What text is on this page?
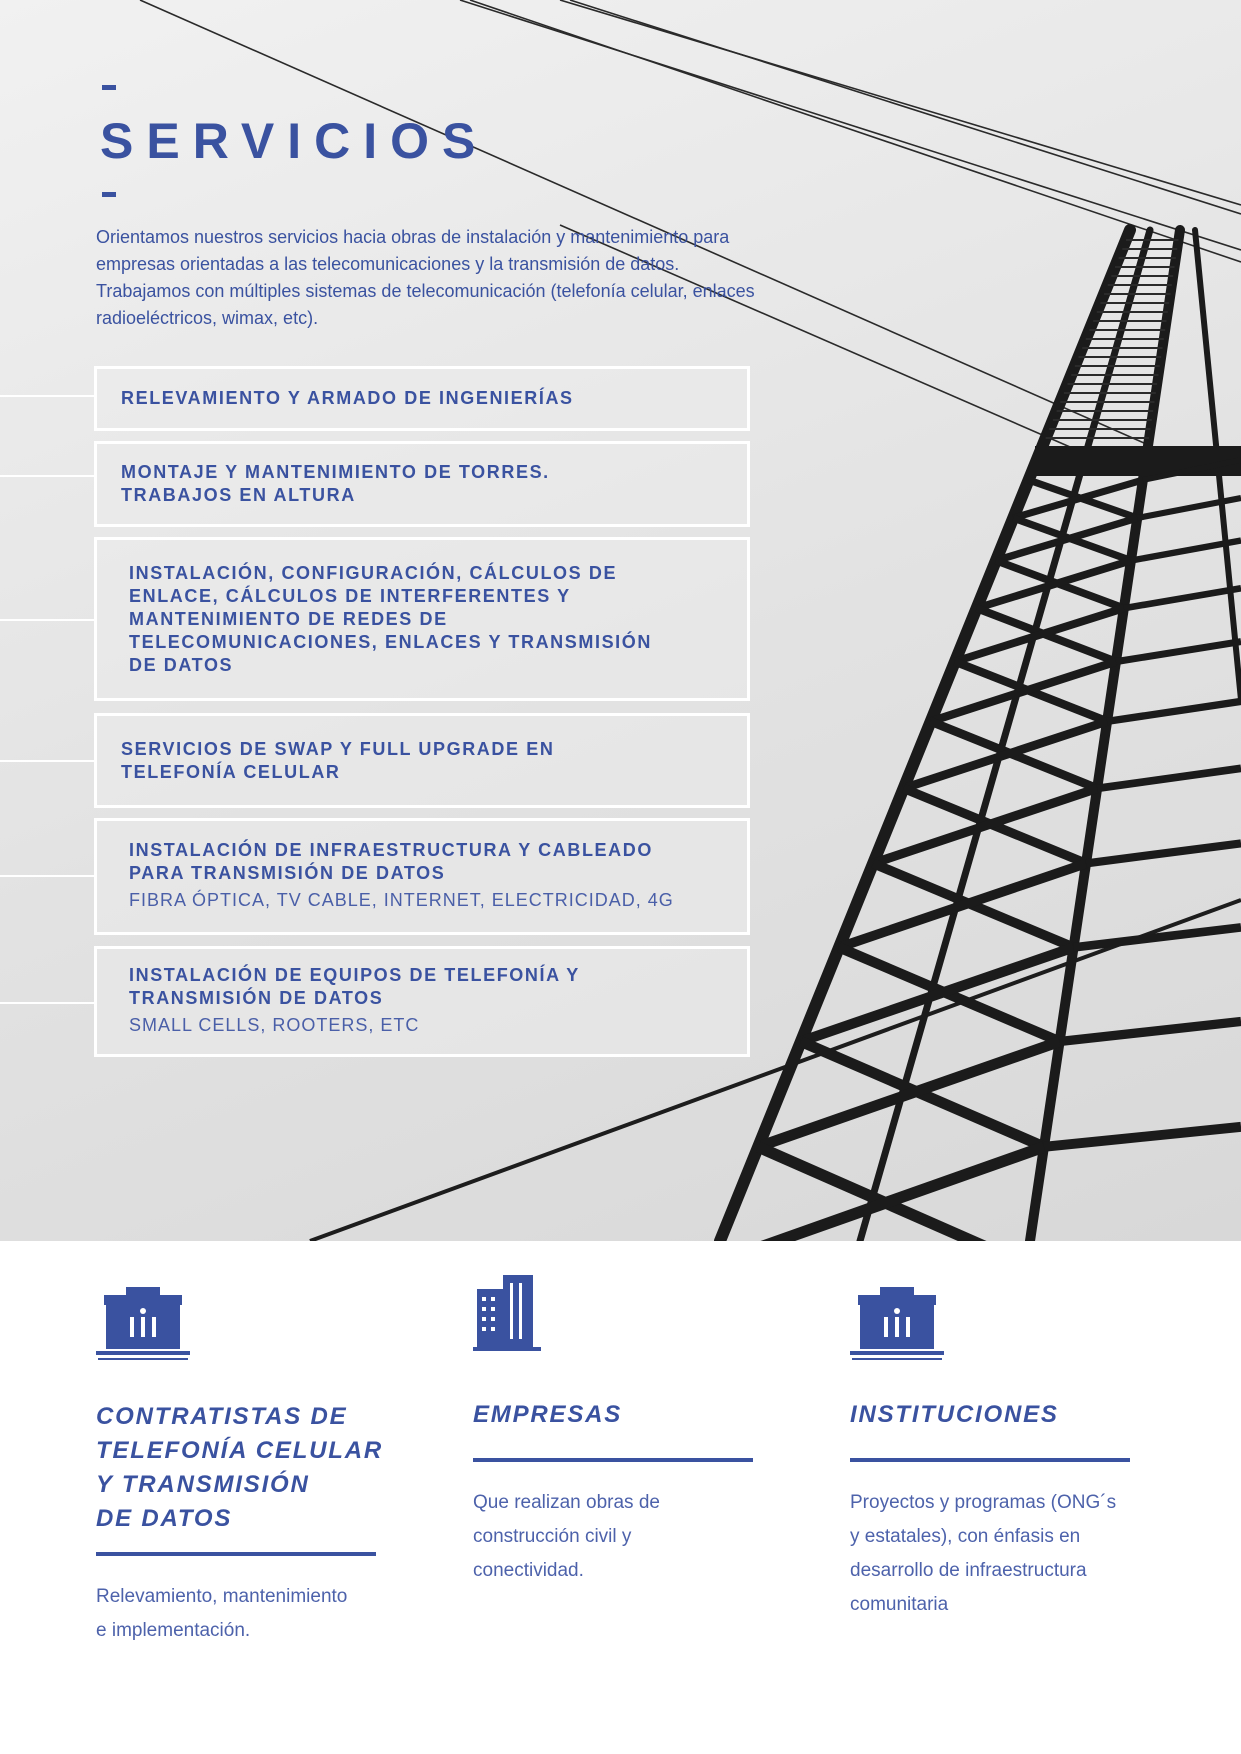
SERVICIOS
Orientamos nuestros servicios hacia obras de instalación y mantenimiento para empresas orientadas a las telecomunicaciones y la transmisión de datos. Trabajamos con múltiples sistemas de telecomunicación (telefonía celular, enlaces radioeléctricos, wimax, etc).
RELEVAMIENTO Y ARMADO DE INGENIERÍAS
MONTAJE Y MANTENIMIENTO DE TORRES.
TRABAJOS EN ALTURA
INSTALACIÓN, CONFIGURACIÓN, CÁLCULOS DE
ENLACE, CÁLCULOS DE INTERFERENTES Y
MANTENIMIENTO DE REDES DE
TELECOMUNICACIONES, ENLACES Y TRANSMISIÓN
DE DATOS
SERVICIOS DE SWAP Y FULL UPGRADE EN
TELEFONÍA CELULAR
INSTALACIÓN DE INFRAESTRUCTURA Y CABLEADO
PARA TRANSMISIÓN DE DATOS
FIBRA ÓPTICA, TV CABLE, INTERNET, ELECTRICIDAD, 4G
INSTALACIÓN DE EQUIPOS DE TELEFONÍA Y
TRANSMISIÓN DE DATOS
SMALL CELLS, ROOTERS, ETC
CONTRATISTAS DE
TELEFONÍA CELULAR
Y TRANSMISIÓN
DE DATOS
Relevamiento, mantenimiento
e implementación.
EMPRESAS
Que realizan obras de
construcción civil y
conectividad.
INSTITUCIONES
Proyectos y programas (ONG´s
y estatales), con énfasis en
desarrollo de infraestructura
comunitaria
